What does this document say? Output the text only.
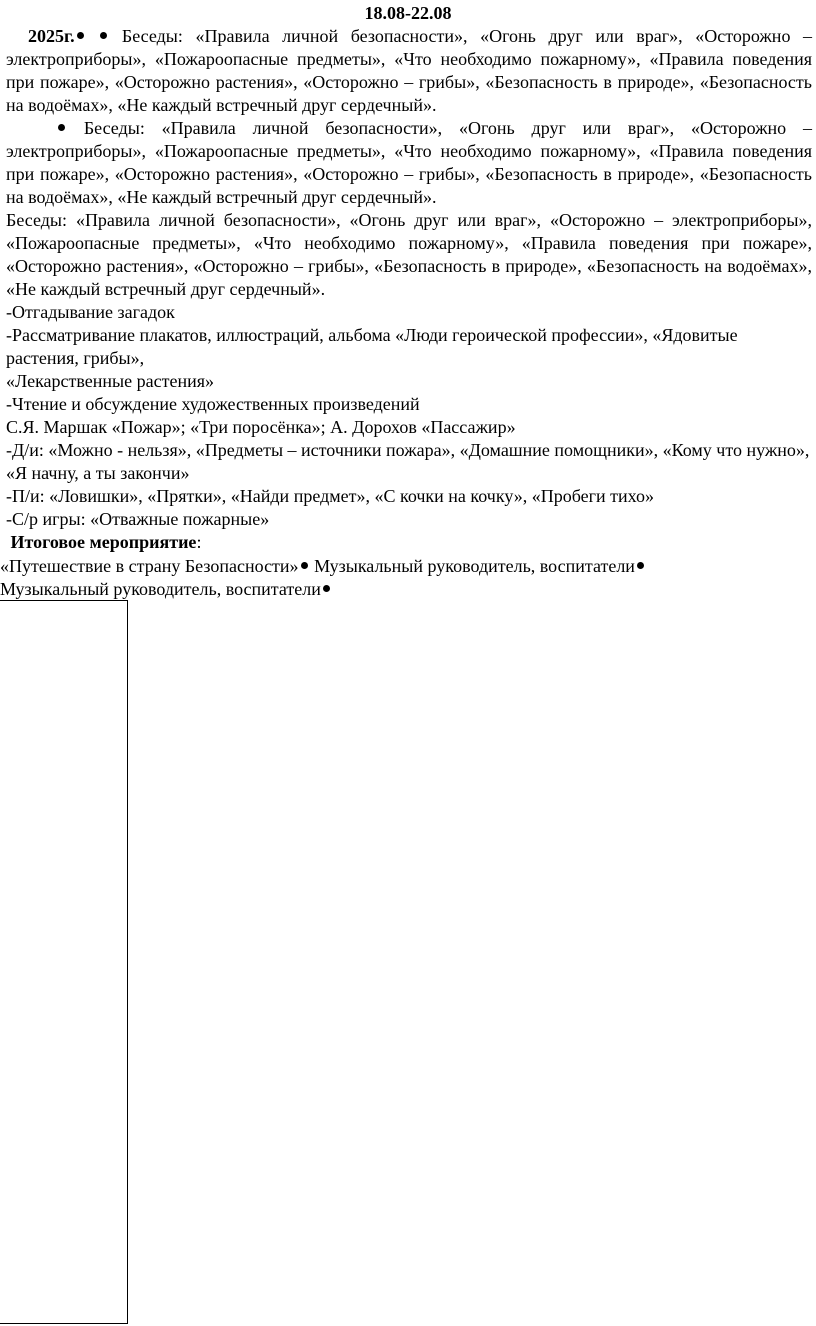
18.08-22.08

2025г.	Беседы: «Правила личной безопасности», «Огонь друг или враг», «Осторожно – электроприборы», «Пожароопасные предметы», «Что необходимо пожарному», «Правила поведения при пожаре», «Осторожно растения», «Осторожно – грибы», «Безопасность в природе», «Безопасность на водоёмах», «Не каждый встречный друг сердечный».

Беседы: «Правила личной безопасности», «Огонь друг или враг», «Осторожно – электроприборы», «Пожароопасные предметы», «Что необходимо пожарному», «Правила поведения при пожаре», «Осторожно растения», «Осторожно – грибы», «Безопасность в природе», «Безопасность на водоёмах», «Не каждый встречный друг сердечный».

Беседы: «Правила личной безопасности», «Огонь друг или враг», «Осторожно – электроприборы», «Пожароопасные предметы», «Что необходимо пожарному», «Правила поведения при пожаре», «Осторожно растения», «Осторожно – грибы», «Безопасность в природе», «Безопасность на водоёмах», «Не каждый встречный друг сердечный».

-Отгадывание загадок

-Рассматривание плакатов, иллюстраций, альбома «Люди героической профессии», «Ядовитые растения, грибы»,

«Лекарственные растения»

-Чтение и обсуждение художественных произведений

С.Я. Маршак «Пожар»; «Три поросёнка»; А. Дорохов «Пассажир»

-Д/и: «Можно - нельзя», «Предметы – источники пожара», «Домашние помощники», «Кому что нужно», «Я начну, а ты закончи»

-П/и: «Ловишки», «Прятки», «Найди предмет», «С кочки на кочку», «Пробеги тихо»

-С/р игры: «Отважные пожарные»

Итоговое мероприятие:

«Путешествие в страну Безопасности» Музыкальный руководитель, воспитатели

Музыкальный руководитель, воспитатели
